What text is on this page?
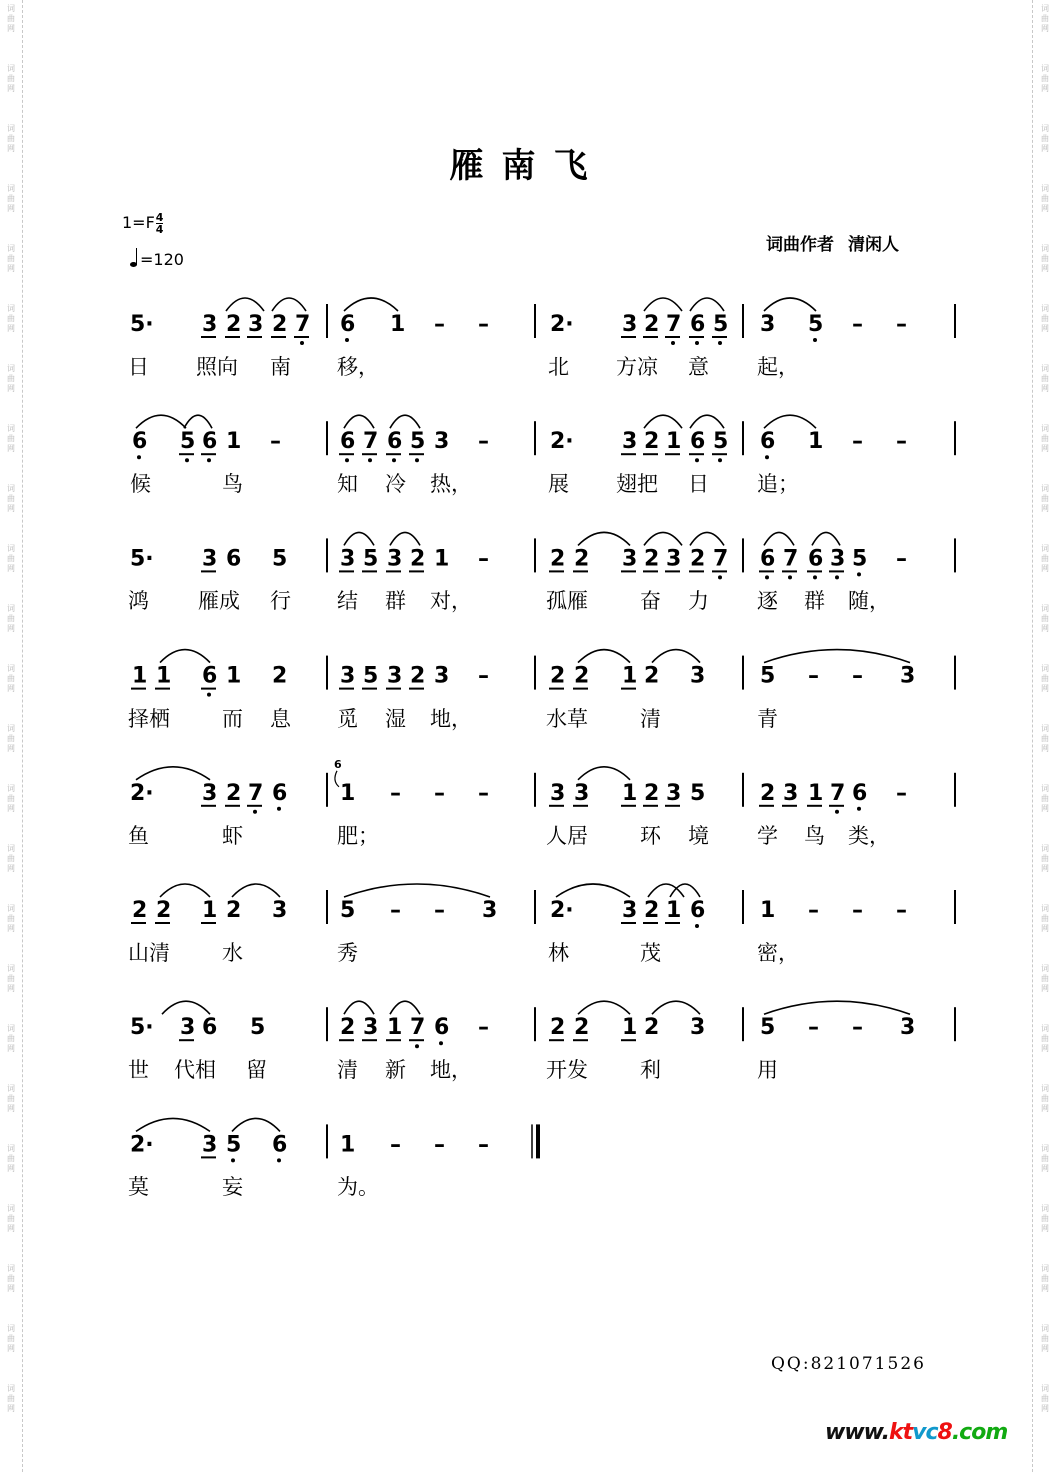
词
曲
网
词
曲
网
词
曲
网
词
曲
网
词
曲
网
词
曲
网
词
曲
网
词
曲
网
词
曲
网
词
曲
网
词
曲
网
词
曲
网
词
曲
网
词
曲
网
词
曲
网
词
曲
网
词
曲
网
词
曲
网
词
曲
网
词
曲
网
词
曲
网
词
曲
网
词
曲
网
词
曲
网
词
曲
网
词
曲
网
词
曲
网
词
曲
网
词
曲
网
词
曲
网
词
曲
网
词
曲
网
词
曲
网
词
曲
网
词
曲
网
词
曲
网
词
曲
网
词
曲
网
词
曲
网
词
曲
网
词
曲
网
词
曲
网
词
曲
网
词
曲
网
词
曲
网
词
曲
网
词
曲
网
词
曲
网
雁南飞
$1=F \frac{4}{4}$
=120
词曲作者 清闲人
5· 3 2 3 2 7 6 1 – –	2· 3 2 7 6 5 3 5 – –
6 5 6 1 –	6 7 6 5 3 –	2· 3 2 1 6 5 6 1 – –
5· 3 6 5 3 5 3 2 1 –	2 2 3 2 3 2 7 6 7 6 3 5 –
1 1 6 1 2 3 5 3 2 3 –	2 2 1 2 3 5 – – 3
2· 3 2 7 6 1
6
– – –	3 3 1 2 3 5 2 3 1 7 6 –
2 2 1 2 3 5 – – 3 2· 3 2 1 6 1 – – –
5· 3 6 5	2 3 1 7 6 –	2 2 1 2 3 5 – – 3
2· 3 5 6 1 – – –
日 照向 南 移，	北 方凉 意 起，
候	鸟	知 冷 热，	展 翅把 日 追；
鸿 雁成 行 结 群 对，	孤雁 奋 力 逐 群 随，
择栖 而 息 觅 湿 地，	水草 清	青
鱼	虾	肥；	人居 环 境 学 鸟 类，
山清 水	秀	林	茂	密，
世 代相 留	清 新 地，	开发 利	用
莫	妄	为。
QQ:821071526
www.ktvc8.com
